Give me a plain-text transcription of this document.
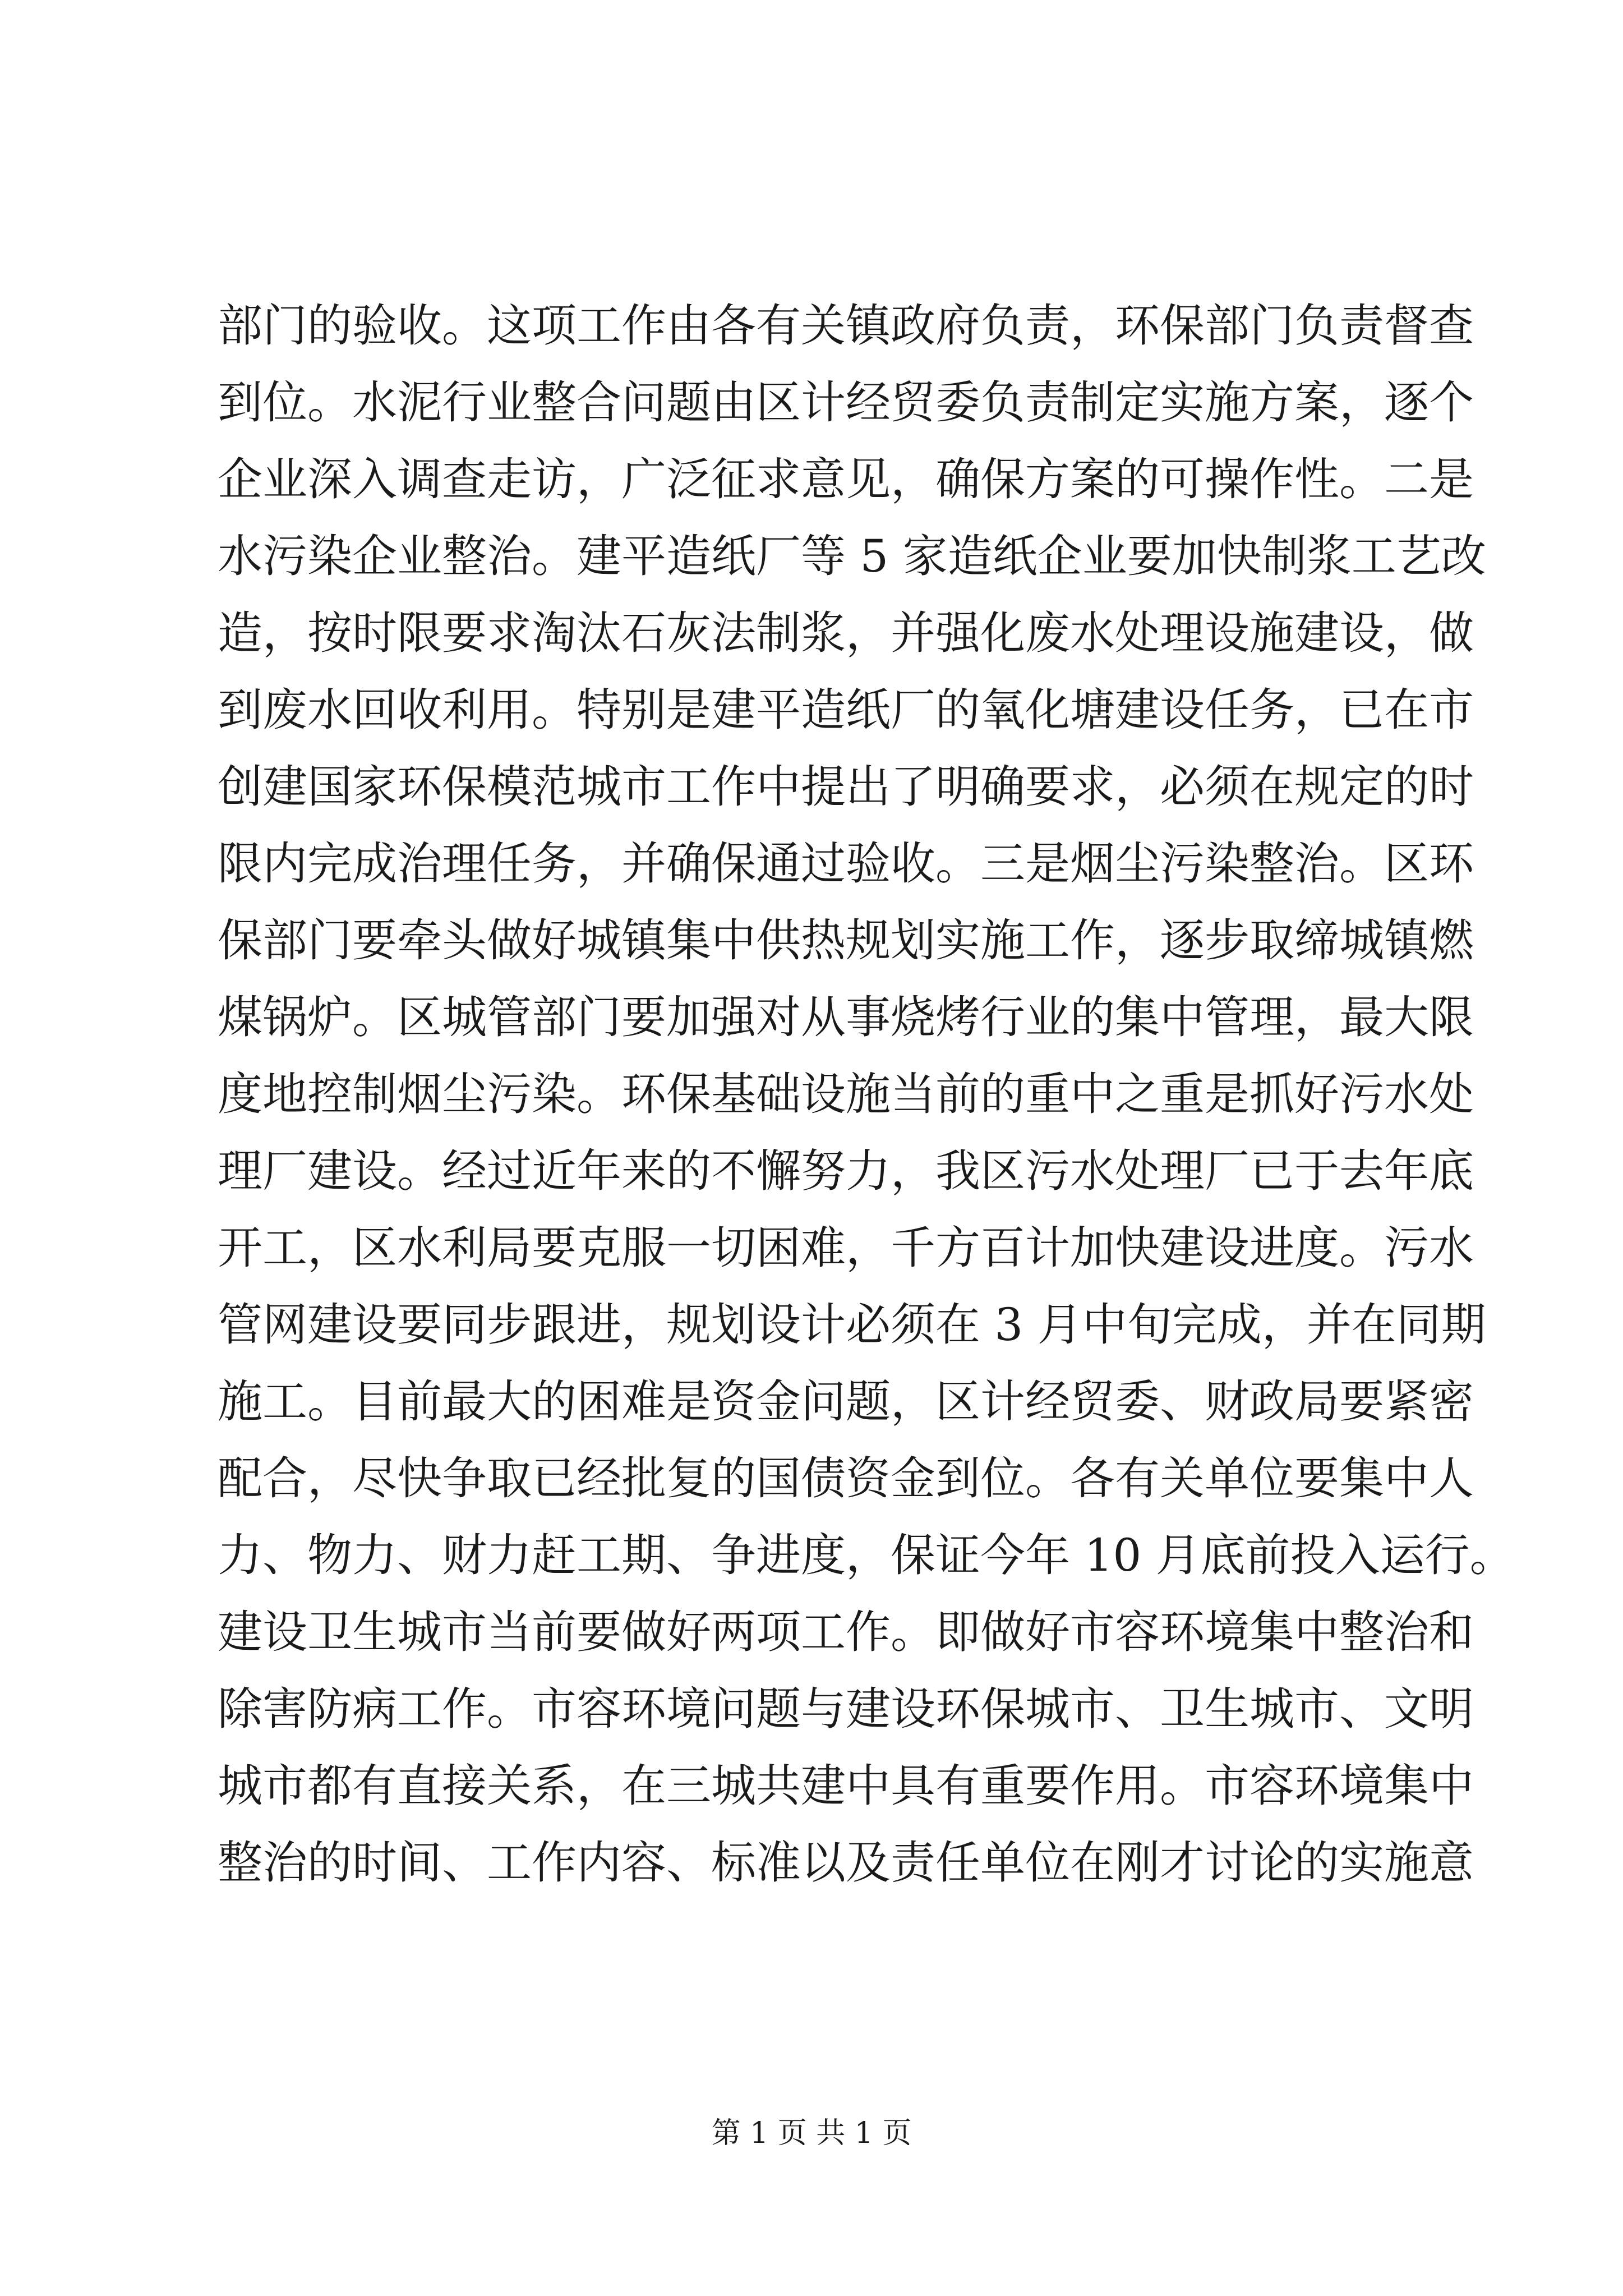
部门的验收。这项工作由各有关镇政府负责，环保部门负责督查
到位。水泥行业整合问题由区计经贸委负责制定实施方案，逐个
企业深入调查走访，广泛征求意见，确保方案的可操作性。二是
水污染企业整治。建平造纸厂等 5 家造纸企业要加快制浆工艺改
造，按时限要求淘汰石灰法制浆，并强化废水处理设施建设，做
到废水回收利用。特别是建平造纸厂的氧化塘建设任务，已在市
创建国家环保模范城市工作中提出了明确要求，必须在规定的时
限内完成治理任务，并确保通过验收。三是烟尘污染整治。区环
保部门要牵头做好城镇集中供热规划实施工作，逐步取缔城镇燃
煤锅炉。区城管部门要加强对从事烧烤行业的集中管理，最大限
度地控制烟尘污染。环保基础设施当前的重中之重是抓好污水处
理厂建设。经过近年来的不懈努力，我区污水处理厂已于去年底
开工，区水利局要克服一切困难，千方百计加快建设进度。污水
管网建设要同步跟进，规划设计必须在 3 月中旬完成，并在同期
施工。目前最大的困难是资金问题，区计经贸委、财政局要紧密
配合，尽快争取已经批复的国债资金到位。各有关单位要集中人
力、物力、财力赶工期、争进度，保证今年 10 月底前投入运行。
建设卫生城市当前要做好两项工作。即做好市容环境集中整治和
除害防病工作。市容环境问题与建设环保城市、卫生城市、文明
城市都有直接关系，在三城共建中具有重要作用。市容环境集中
整治的时间、工作内容、标准以及责任单位在刚才讨论的实施意
第 1 页 共 1 页
